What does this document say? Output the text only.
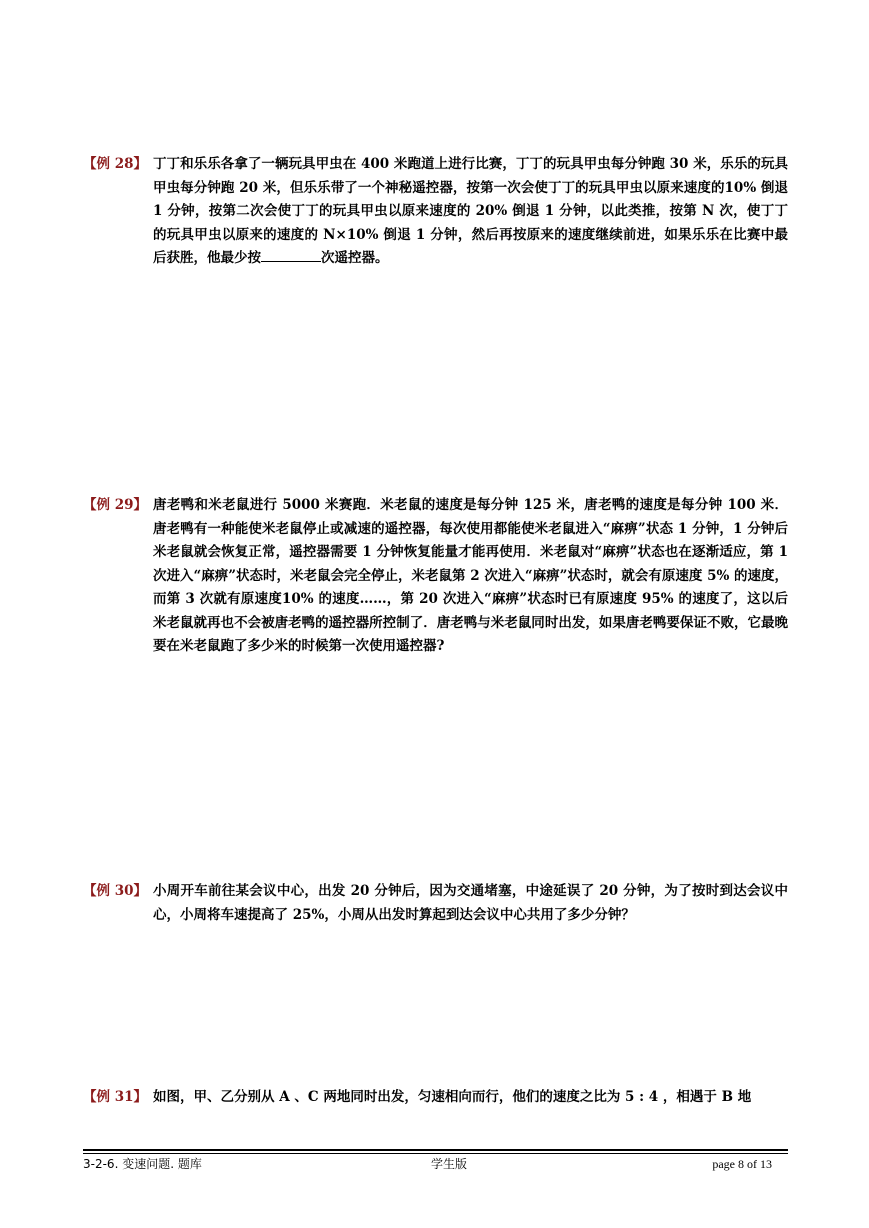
【例 28】 丁丁和乐乐各拿了一辆玩具甲虫在 400 米跑道上进行比赛，丁丁的玩具甲虫每分钟跑 30 米，乐乐的玩具甲虫每分钟跑 20 米，但乐乐带了一个神秘遥控器，按第一次会使丁丁的玩具甲虫以原来速度的10% 倒退 1 分钟，按第二次会使丁丁的玩具甲虫以原来速度的 20% 倒退 1 分钟，以此类推，按第 N 次，使丁丁的玩具甲虫以原来的速度的 N×10% 倒退 1 分钟，然后再按原来的速度继续前进，如果乐乐在比赛中最后获胜，他最少按	次遥控器。
【例 29】 唐老鸭和米老鼠进行 5000 米赛跑．米老鼠的速度是每分钟 125 米，唐老鸭的速度是每分钟 100 米．唐老鸭有一种能使米老鼠停止或减速的遥控器，每次使用都能使米老鼠进入“麻痹”状态 1 分钟，1 分钟后米老鼠就会恢复正常，遥控器需要 1 分钟恢复能量才能再使用．米老鼠对“麻痹”状态也在逐渐适应，第 1 次进入“麻痹”状态时，米老鼠会完全停止，米老鼠第 2 次进入“麻痹”状态时，就会有原速度 5% 的速度，而第 3 次就有原速度10% 的速度……，第 20 次进入“麻痹”状态时已有原速度 95% 的速度了，这以后米老鼠就再也不会被唐老鸭的遥控器所控制了．唐老鸭与米老鼠同时出发，如果唐老鸭要保证不败，它最晚要在米老鼠跑了多少米的时候第一次使用遥控器?
【例 30】 小周开车前往某会议中心，出发 20 分钟后，因为交通堵塞，中途延误了 20 分钟，为了按时到达会议中心，小周将车速提高了 25%，小周从出发时算起到达会议中心共用了多少分钟？
【例 31】 如图，甲、乙分别从 A 、C 两地同时出发，匀速相向而行，他们的速度之比为 5 : 4 ，相遇于 B 地
3-2-6. 变速问题. 题库	学生版	page 8 of 13
